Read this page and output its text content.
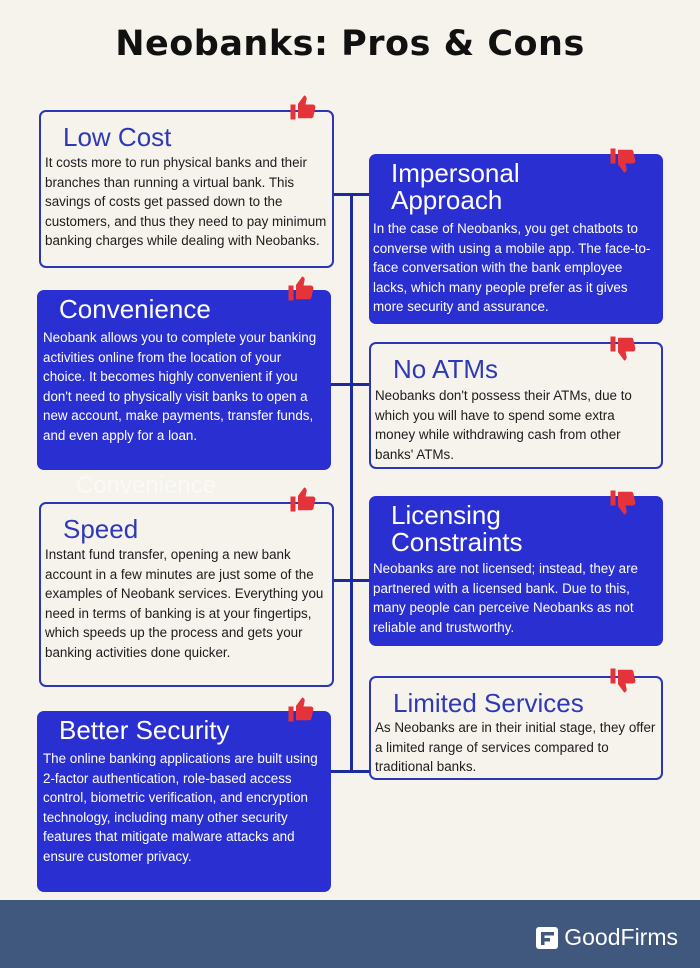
Neobanks: Pros & Cons
Low Cost

It costs more to run physical banks and their branches than running a virtual bank. This savings of costs get passed down to the customers, and thus they need to pay minimum banking charges while dealing with Neobanks.

Impersonal Approach

In the case of Neobanks, you get chatbots to converse with using a mobile app. The face-to-face conversation with the bank employee lacks, which many people prefer as it gives more security and assurance.

Convenience

Neobank allows you to complete your banking activities online from the location of your choice. It becomes highly convenient if you don't need to physically visit banks to open a new account, make payments, transfer funds, and even apply for a loan.

Convenience
No ATMs

Neobanks don't possess their ATMs, due to which you will have to spend some extra money while withdrawing cash from other banks' ATMs.

Speed

Instant fund transfer, opening a new bank account in a few minutes are just some of the examples of Neobank services. Everything you need in terms of banking is at your fingertips, which speeds up the process and gets your banking activities done quicker.

Licensing Constraints

Neobanks are not licensed; instead, they are partnered with a licensed bank. Due to this, many people can perceive Neobanks as not reliable and trustworthy.

Better Security

The online banking applications are built using 2-factor authentication, role-based access control, biometric verification, and encryption technology, including many other security features that mitigate malware attacks and ensure customer privacy.

Limited Services

As Neobanks are in their initial stage, they offer a limited range of services compared to traditional banks.

GoodFirms
